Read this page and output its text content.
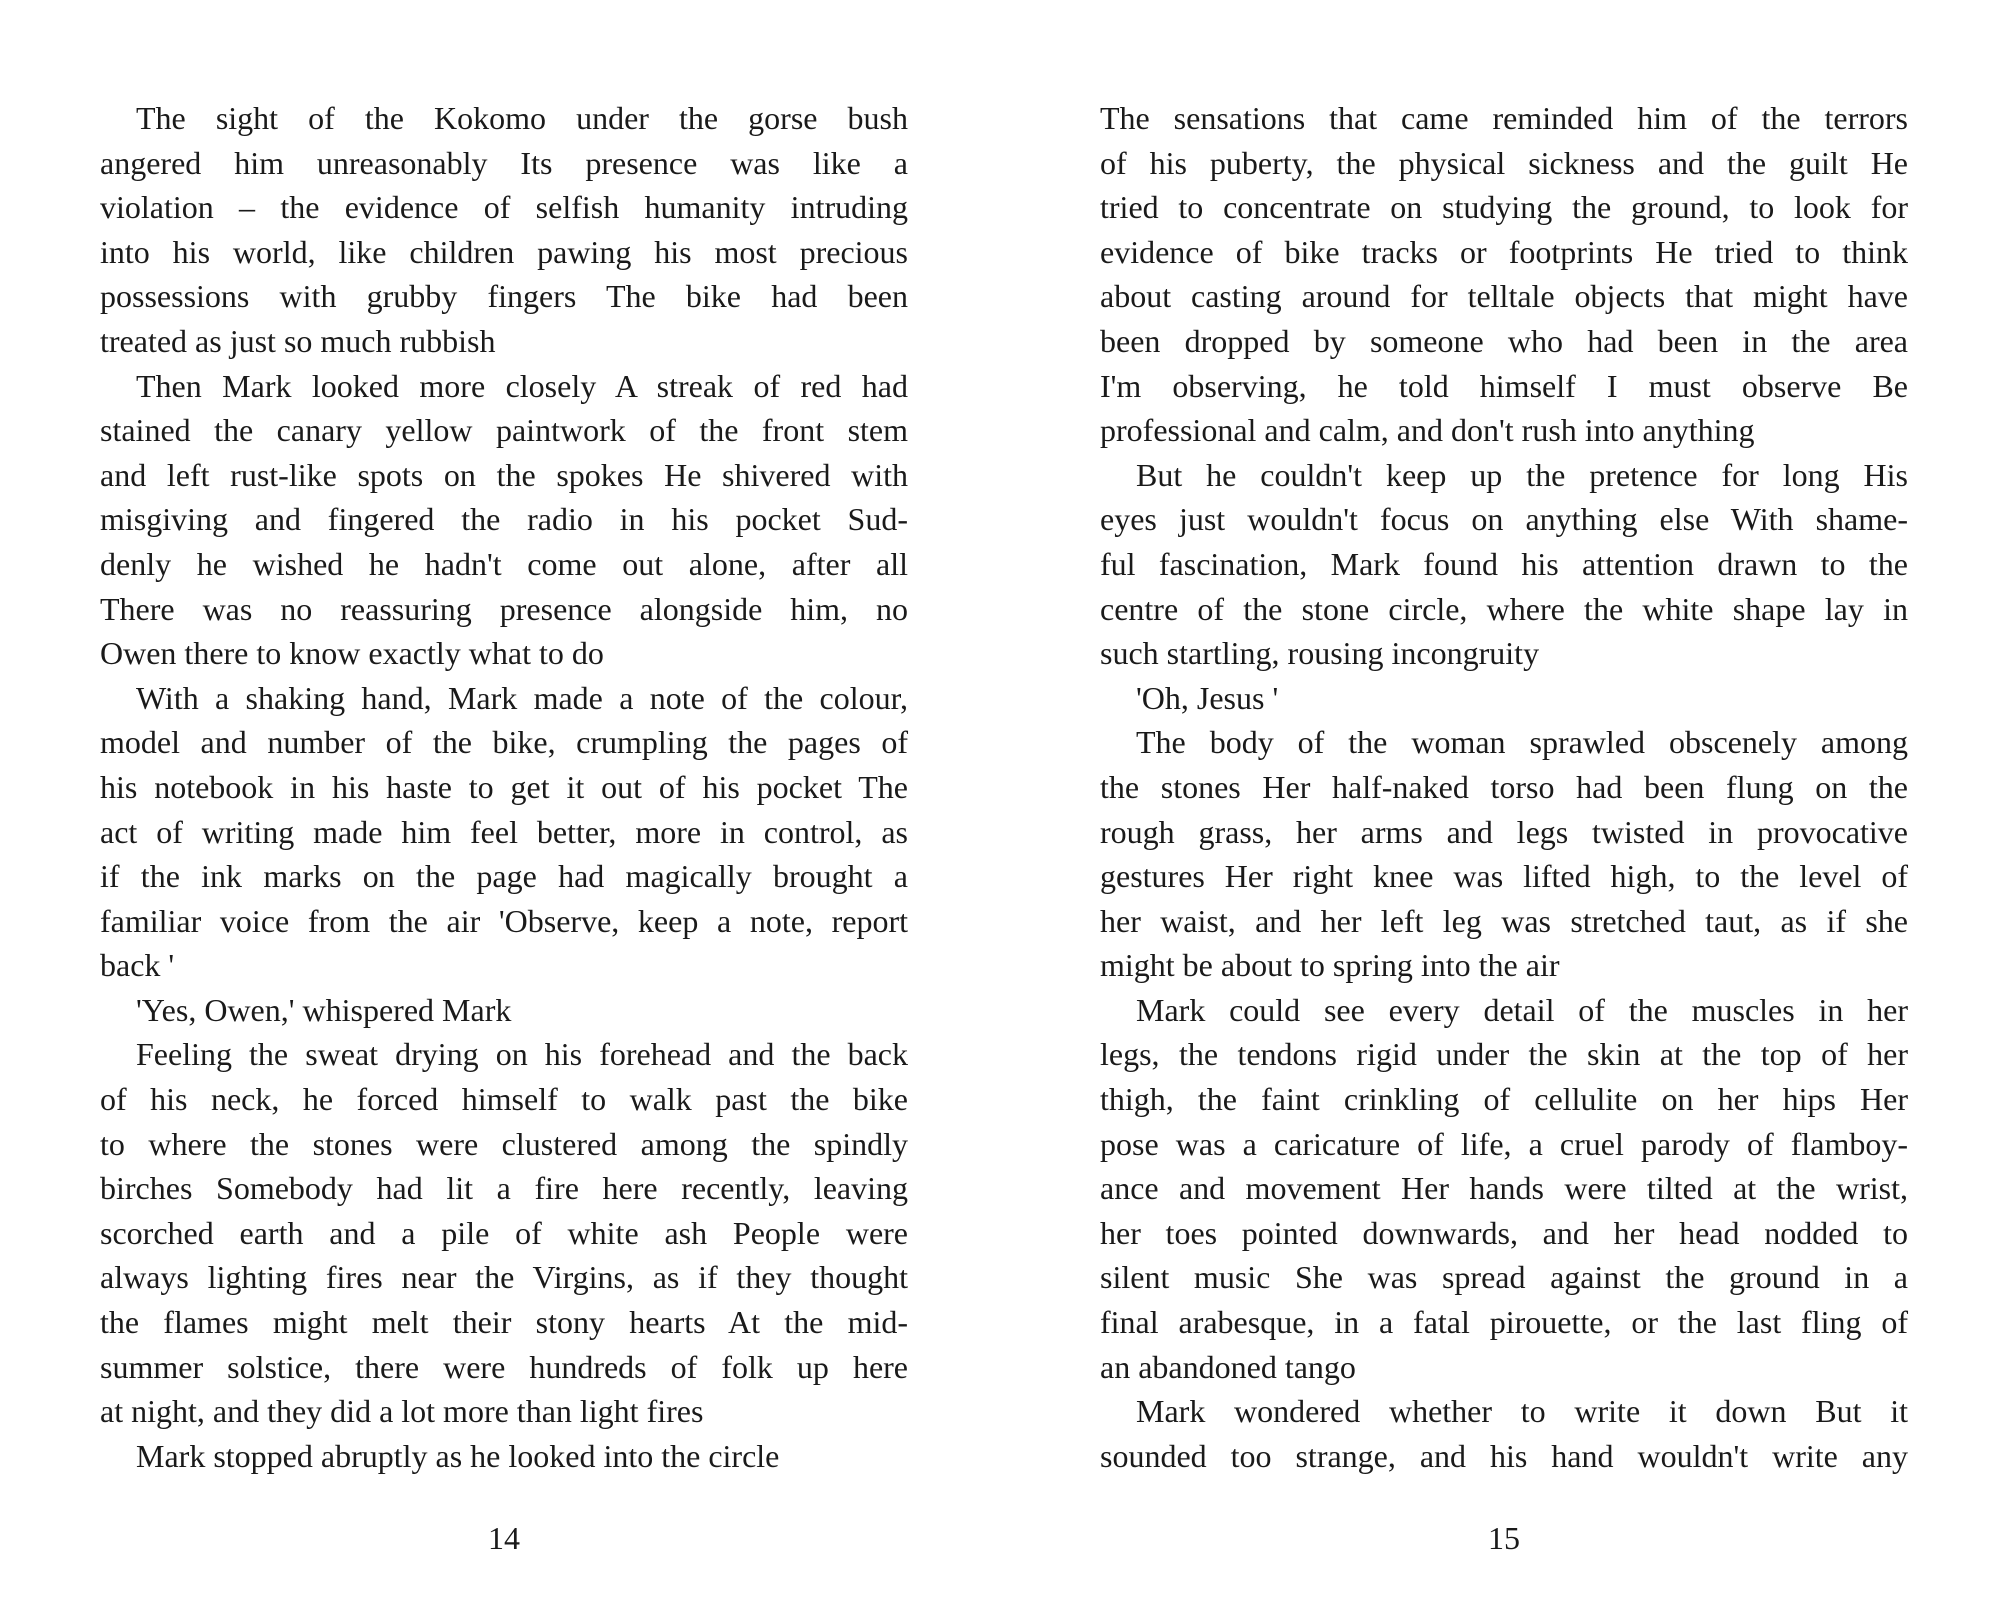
The sight of the Kokomo under the gorse bush
angered him unreasonably Its presence was like a
violation – the evidence of selfish humanity intruding
into his world, like children pawing his most precious
possessions with grubby fingers The bike had been
treated as just so much rubbish
Then Mark looked more closely A streak of red had
stained the canary yellow paintwork of the front stem
and left rust-like spots on the spokes He shivered with
misgiving and fingered the radio in his pocket Sud-
denly he wished he hadn't come out alone, after all
There was no reassuring presence alongside him, no
Owen there to know exactly what to do
With a shaking hand, Mark made a note of the colour,
model and number of the bike, crumpling the pages of
his notebook in his haste to get it out of his pocket The
act of writing made him feel better, more in control, as
if the ink marks on the page had magically brought a
familiar voice from the air 'Observe, keep a note, report
back '
'Yes, Owen,' whispered Mark
Feeling the sweat drying on his forehead and the back
of his neck, he forced himself to walk past the bike
to where the stones were clustered among the spindly
birches Somebody had lit a fire here recently, leaving
scorched earth and a pile of white ash People were
always lighting fires near the Virgins, as if they thought
the flames might melt their stony hearts At the mid-
summer solstice, there were hundreds of folk up here
at night, and they did a lot more than light fires
Mark stopped abruptly as he looked into the circle
14
The sensations that came reminded him of the terrors
of his puberty, the physical sickness and the guilt He
tried to concentrate on studying the ground, to look for
evidence of bike tracks or footprints He tried to think
about casting around for telltale objects that might have
been dropped by someone who had been in the area
I'm observing, he told himself I must observe Be
professional and calm, and don't rush into anything
But he couldn't keep up the pretence for long His
eyes just wouldn't focus on anything else With shame-
ful fascination, Mark found his attention drawn to the
centre of the stone circle, where the white shape lay in
such startling, rousing incongruity
'Oh, Jesus '
The body of the woman sprawled obscenely among
the stones Her half-naked torso had been flung on the
rough grass, her arms and legs twisted in provocative
gestures Her right knee was lifted high, to the level of
her waist, and her left leg was stretched taut, as if she
might be about to spring into the air
Mark could see every detail of the muscles in her
legs, the tendons rigid under the skin at the top of her
thigh, the faint crinkling of cellulite on her hips Her
pose was a caricature of life, a cruel parody of flamboy-
ance and movement Her hands were tilted at the wrist,
her toes pointed downwards, and her head nodded to
silent music She was spread against the ground in a
final arabesque, in a fatal pirouette, or the last fling of
an abandoned tango
Mark wondered whether to write it down But it
sounded too strange, and his hand wouldn't write any
15
